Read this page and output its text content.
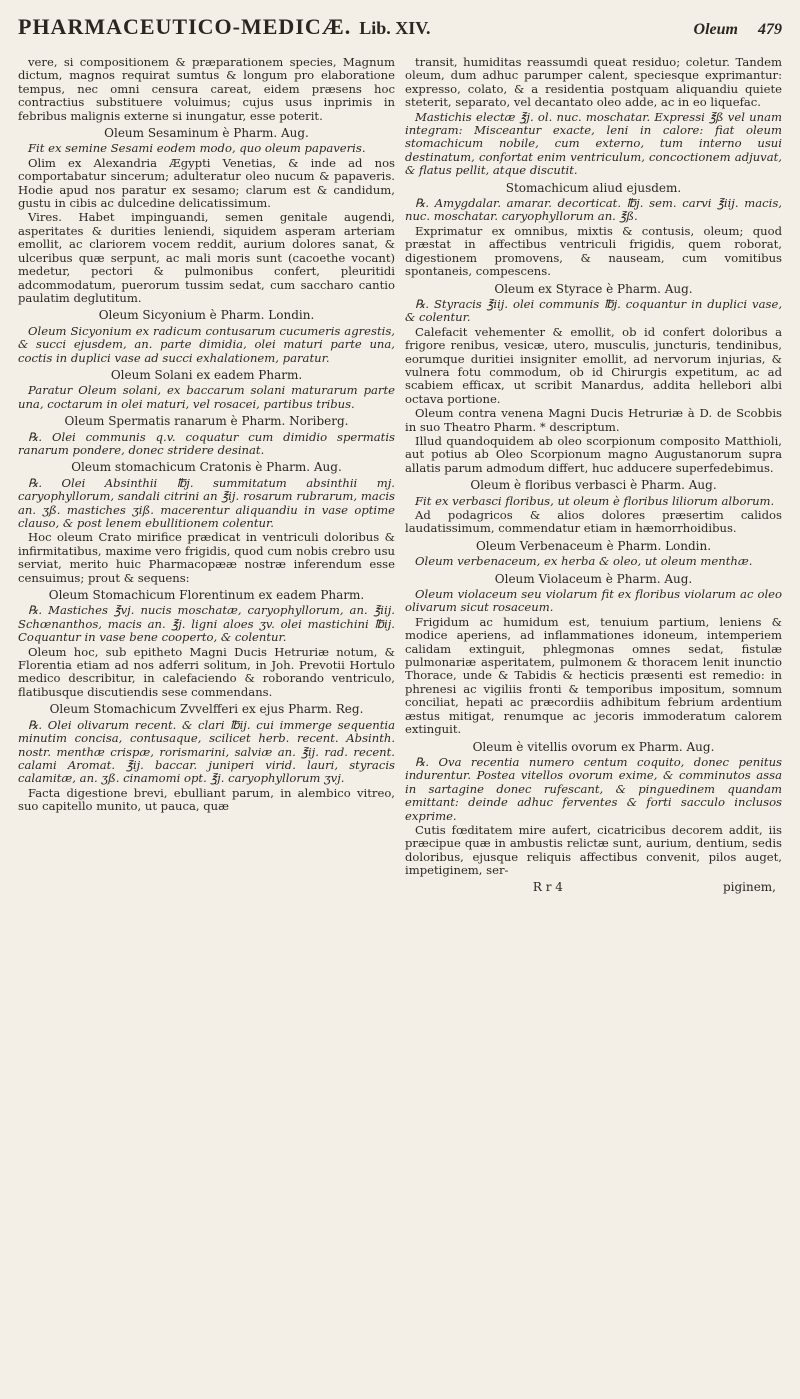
PHARMACEUTICO-MEDICÆ. Lib. XIV.	Oleum 479

vere, si compositionem & præparationem species, Magnum dictum, magnos requirat sumtus & longum pro elaboratione tempus, nec omni censura careat, eidem præsens hoc contractius substituere voluimus; cujus usus inprimis in febribus malignis externe si inungatur, esse poterit.

Oleum Sesaminum è Pharm. Aug.

Fit ex semine Sesami eodem modo, quo oleum papaveris.

Olim ex Alexandria Ægypti Venetias, & inde ad nos comportabatur sincerum; adulteratur oleo nucum & papaveris. Hodie apud nos paratur ex sesamo; clarum est & candidum, gustu in cibis ac dulcedine delicatissimum.

Vires. Habet impinguandi, semen genitale augendi, asperitates & durities leniendi, siquidem asperam arteriam emollit, ac clariorem vocem reddit, aurium dolores sanat, & ulceribus quæ serpunt, ac mali moris sunt (cacoethe vocant) medetur, pectori & pulmonibus confert, pleuritidi adcommodatum, puerorum tussim sedat, cum saccharo cantio paulatim deglutitum.

Oleum Sicyonium è Pharm. Londin.

Oleum Sicyonium ex radicum contusarum cucumeris agrestis, & succi ejusdem, an. parte dimidia, olei maturi parte una, coctis in duplici vase ad succi exhalationem, paratur.

Oleum Solani ex eadem Pharm.

Paratur Oleum solani, ex baccarum solani maturarum parte una, coctarum in olei maturi, vel rosacei, partibus tribus.

Oleum Spermatis ranarum è Pharm. Noriberg.

℞. Olei communis q.v. coquatur cum dimidio spermatis ranarum pondere, donec stridere desinat.

Oleum stomachicum Cratonis è Pharm. Aug.

℞. Olei Absinthii ℔j. summitatum absinthii mj. caryophyllorum, sandali citrini an ℥ij. rosarum rubrarum, macis an. ʒß. mastiches ʒiß. macerentur aliquandiu in vase optime clauso, & post lenem ebullitionem colentur.

Hoc oleum Crato mirifice prædicat in ventriculi doloribus & infirmitatibus, maxime vero frigidis, quod cum nobis crebro usu serviat, merito huic Pharmacopææ nostræ inferendum esse censuimus; prout & sequens:

Oleum Stomachicum Florentinum ex eadem Pharm.

℞. Mastiches ℥vj. nucis moschatæ, caryophyllorum, an. ℥iij. Schœnanthos, macis an. ℥j. ligni aloes ʒv. olei mastichini ℔ij. Coquantur in vase bene cooperto, & colentur.

Oleum hoc, sub epitheto Magni Ducis Hetruriæ notum, & Florentia etiam ad nos adferri solitum, in Joh. Prevotii Hortulo medico describitur, in calefaciendo & roborando ventriculo, flatibusque discutiendis sese commendans.

Oleum Stomachicum Zvvelfferi ex ejus Pharm. Reg.

℞. Olei olivarum recent. & clari ℔ij. cui immerge sequentia minutim concisa, contusaque, scilicet herb. recent. Absinth. nostr. menthæ crispæ, rorismarini, salviæ an. ℥ij. rad. recent. calami Aromat. ℥ij. baccar. juniperi virid. lauri, styracis calamitæ, an. ʒß. cinamomi opt. ℥j. caryophyllorum ʒvj.

Facta digestione brevi, ebulliant parum, in alembico vitreo, suo capitello munito, ut pauca, quæ

transit, humiditas reassumdi queat residuo; coletur. Tandem oleum, dum adhuc parumper calent, speciesque exprimantur: expresso, colato, & a residentia postquam aliquandiu quiete steterit, separato, vel decantato oleo adde, ac in eo liquefac.

Mastichis electæ ℥j. ol. nuc. moschatar. Expressi ℥ß vel unam integram: Misceantur exacte, leni in calore: fiat oleum stomachicum nobile, cum externo, tum interno usui destinatum, confortat enim ventriculum, concoctionem adjuvat, & flatus pellit, atque discutit.

Stomachicum aliud ejusdem.

℞. Amygdalar. amarar. decorticat. ℔j. sem. carvi ℥iij. macis, nuc. moschatar. caryophyllorum an. ℥ß.

Exprimatur ex omnibus, mixtis & contusis, oleum; quod præstat in affectibus ventriculi frigidis, quem roborat, digestionem promovens, & nauseam, cum vomitibus spontaneis, compescens.

Oleum ex Styrace è Pharm. Aug.

℞. Styracis ℥iij. olei communis ℔j. coquantur in duplici vase, & colentur.

Calefacit vehementer & emollit, ob id confert doloribus a frigore renibus, vesicæ, utero, musculis, juncturis, tendinibus, eorumque duritiei insigniter emollit, ad nervorum injurias, & vulnera fotu commodum, ob id Chirurgis expetitum, ac ad scabiem efficax, ut scribit Manardus, addita hellebori albi octava portione.

Oleum contra venena Magni Ducis Hetruriæ à D. de Scobbis in suo Theatro Pharm. * descriptum.

Illud quandoquidem ab oleo scorpionum composito Matthioli, aut potius ab Oleo Scorpionum magno Augustanorum supra allatis parum admodum differt, huc adducere superfedebimus.

Oleum è floribus verbasci è Pharm. Aug.

Fit ex verbasci floribus, ut oleum è floribus liliorum alborum.

Ad podagricos & alios dolores præsertim calidos laudatissimum, commendatur etiam in hæmorrhoidibus.

Oleum Verbenaceum è Pharm. Londin.

Oleum verbenaceum, ex herba & oleo, ut oleum menthæ.

Oleum Violaceum è Pharm. Aug.

Oleum violaceum seu violarum fit ex floribus violarum ac oleo olivarum sicut rosaceum.

Frigidum ac humidum est, tenuium partium, leniens & modice aperiens, ad inflammationes idoneum, intemperiem calidam extinguit, phlegmonas omnes sedat, fistulæ pulmonariæ asperitatem, pulmonem & thoracem lenit inunctio Thorace, unde & Tabidis & hecticis præsenti est remedio: in phrenesi ac vigiliis fronti & temporibus impositum, somnum conciliat, hepati ac præcordiis adhibitum febrium ardentium æstus mitigat, renumque ac jecoris immoderatum calorem extinguit.

Oleum è vitellis ovorum ex Pharm. Aug.

℞. Ova recentia numero centum coquito, donec penitus indurentur. Postea vitellos ovorum exime, & comminutos assa in sartagine donec rufescant, & pinguedinem quandam emittant: deinde adhuc ferventes & forti sacculo inclusos exprime.

Cutis fœditatem mire aufert, cicatricibus decorem addit, iis præcipue quæ in ambustis relictæ sunt, aurium, dentium, sedis doloribus, ejusque reliquis affectibus convenit, pilos auget, impetiginem, ser-

R r 4	piginem,
